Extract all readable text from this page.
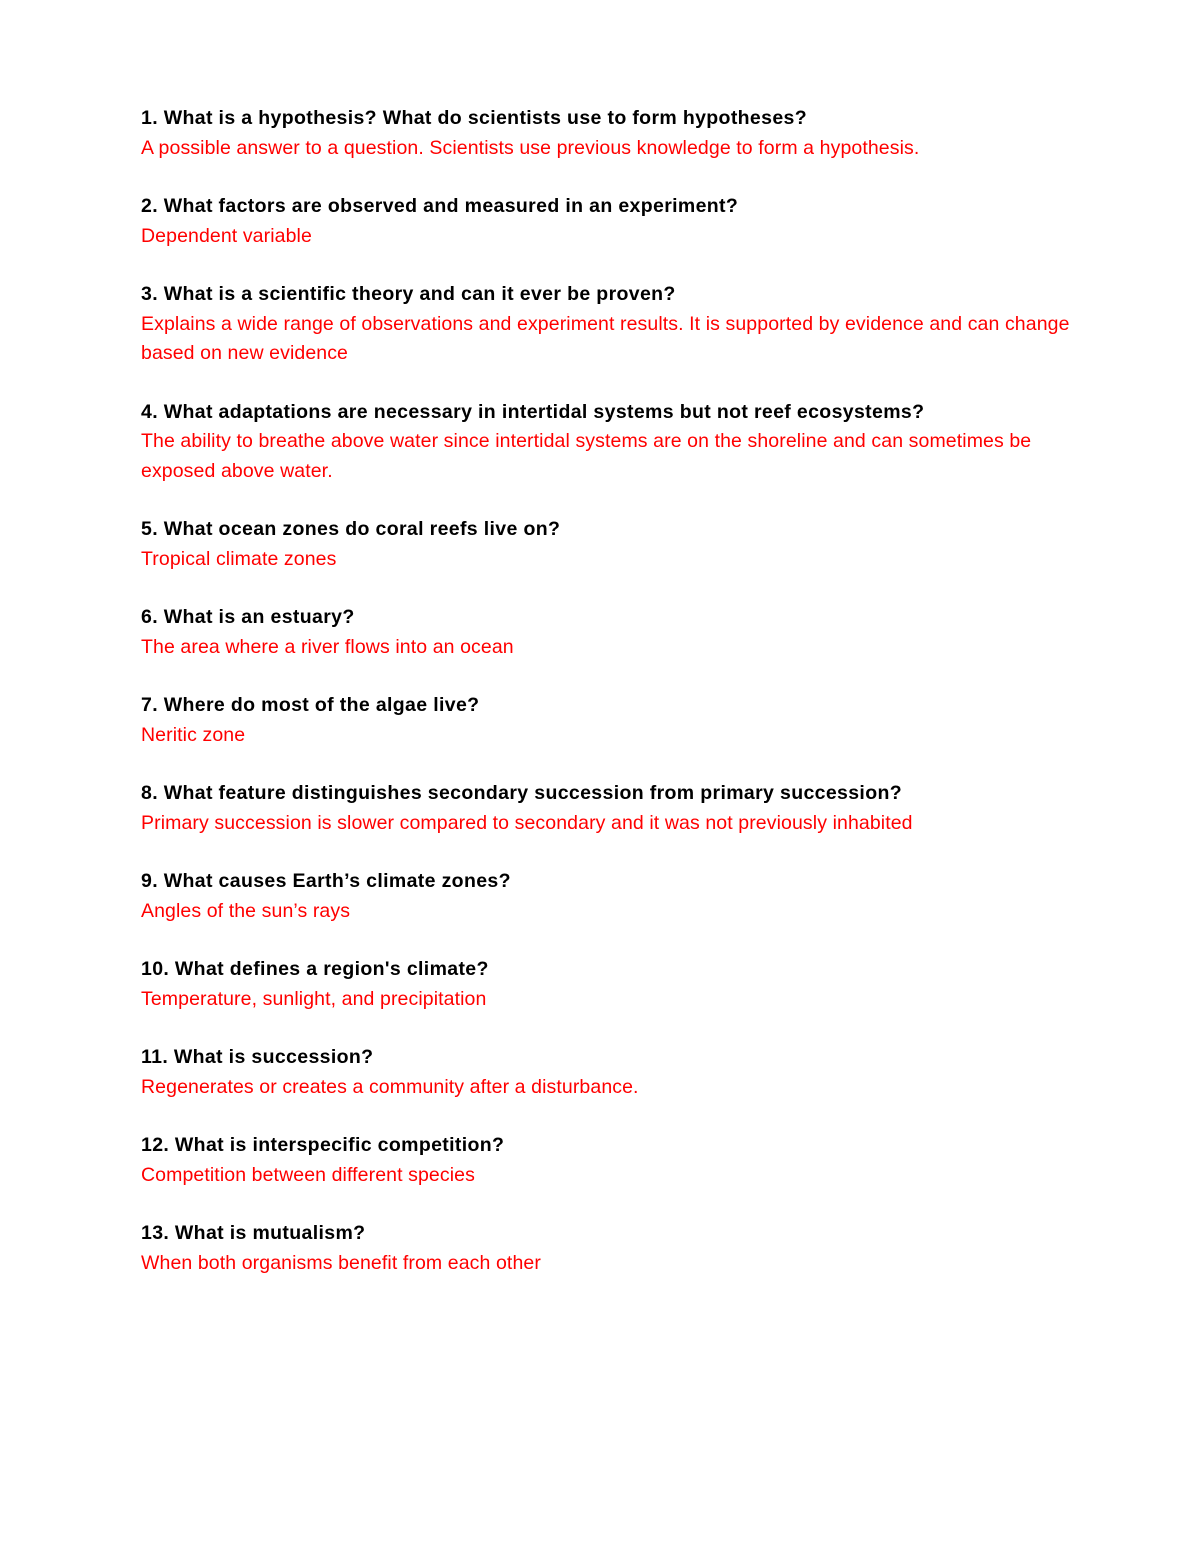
1. What is a hypothesis? What do scientists use to form hypotheses?

A possible answer to a question. Scientists use previous knowledge to form a hypothesis.

2. What factors are observed and measured in an experiment?

Dependent variable

3. What is a scientific theory and can it ever be proven?

Explains a wide range of observations and experiment results. It is supported by evidence and can change based on new evidence

4. What adaptations are necessary in intertidal systems but not reef ecosystems?

The ability to breathe above water since intertidal systems are on the shoreline and can sometimes be exposed above water.

5. What ocean zones do coral reefs live on?

Tropical climate zones

6. What is an estuary?

The area where a river flows into an ocean

7. Where do most of the algae live?

Neritic zone

8. What feature distinguishes secondary succession from primary succession?

Primary succession is slower compared to secondary and it was not previously inhabited

9. What causes Earth’s climate zones?

Angles of the sun’s rays

10. What defines a region's climate?

Temperature, sunlight, and precipitation

11. What is succession?

Regenerates or creates a community after a disturbance.

12. What is interspecific competition?

Competition between different species

13. What is mutualism?

When both organisms benefit from each other
